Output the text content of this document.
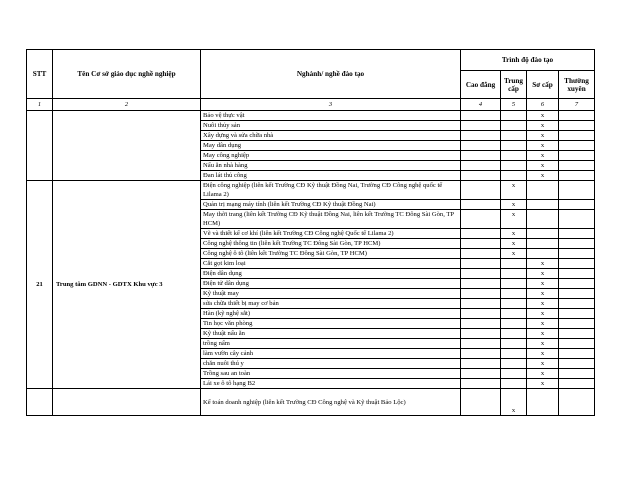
STT	Tên Cơ sở giáo dục nghề nghiệp	Nghành/ nghề đào tạo	Trình độ đào tạo			
			Cao đẳng	Trung cấp	Sơ cấp	Thường xuyên
1	2	3	4	5	6	7
		Bảo vệ thực vật			x	
		Nuôi thủy sản			x	
		Xây dựng và sửa chữa nhà			x	
		May dân dụng			x	
		May công nghiệp			x	
		Nấu ăn nhà hàng			x	
		Đan lát thủ công			x	
21	Trung tâm GDNN - GDTX Khu vực 3	Điện công nghiệp (liên kết Trường CĐ Kỹ thuật Đồng Nai, Trường CĐ Công nghệ quốc tế Lilama 2)		x		
		Quản trị mạng máy tính (liên kết Trường CĐ Kỹ thuật Đồng Nai)		x		
		May thời trang (liên kết Trường CĐ Kỹ thuật Đồng Nai, liên kết Trường TC Đông Sài Gòn, TP HCM)		x		
		Vẽ và thiết kế cơ khí (liên kết Trường CĐ Công nghệ Quốc tế Lilama 2)		x		
		Công nghệ thông tin (liên kết Trường TC Đông Sài Gòn, TP HCM)		x		
		Công nghệ ô tô (liên kết Trường TC Đông Sài Gòn, TP HCM)		x		
		Cắt gọt kim loại			x	
		Điện dân dụng			x	
		Điện tử dân dụng			x	
		Kỹ thuật may			x	
		sửa chữa thiết bị may cơ bản			x	
		Hàn (kỹ nghệ sắt)			x	
		Tin học văn phòng			x	
		Kỹ thuật nấu ăn			x	
		trồng nấm			x	
		làm vườn cây cảnh			x	
		chăn nuôi thú y			x	
		Trồng sau an toàn			x	
		Lái xe ô tô hạng B2			x	
		Kế toán doanh nghiệp (liên kết Trường CĐ Công nghệ và Kỹ thuật Bảo Lộc)		x		
